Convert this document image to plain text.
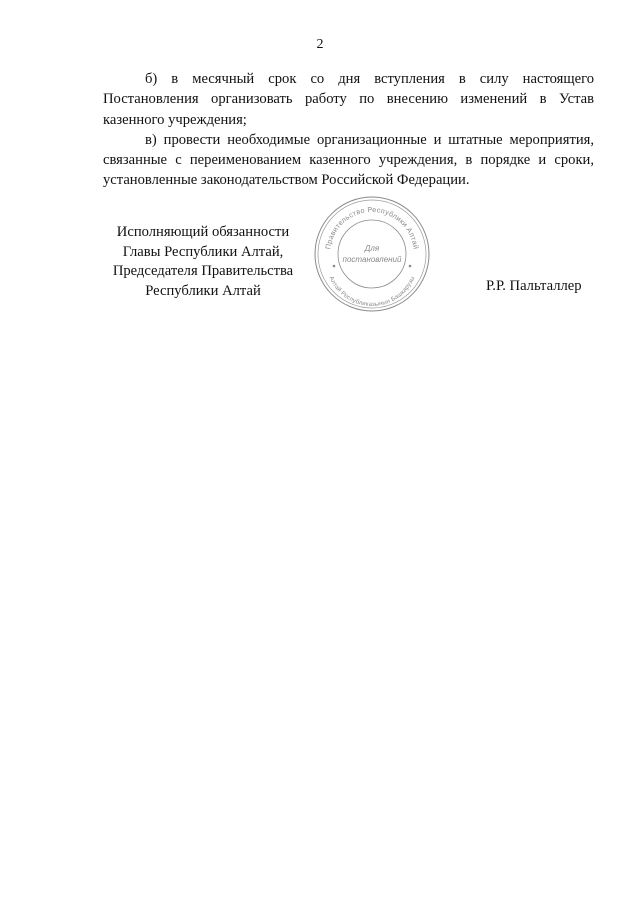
2

б) в месячный срок со дня вступления в силу настоящего Постановления организовать работу по внесению изменений в Устав казенного учреждения;

в) провести необходимые организационные и штатные мероприятия, связанные с переименованием казенного учреждения, в порядке и сроки, установленные законодательством Российской Федерации.

Исполняющий обязанности
Главы Республики Алтай,
Председателя Правительства
Республики Алтай
Правительство Республики Алтай
Алтай Республиказынын Башкарузы
Для
постановлений
Р.Р. Пальталлер
